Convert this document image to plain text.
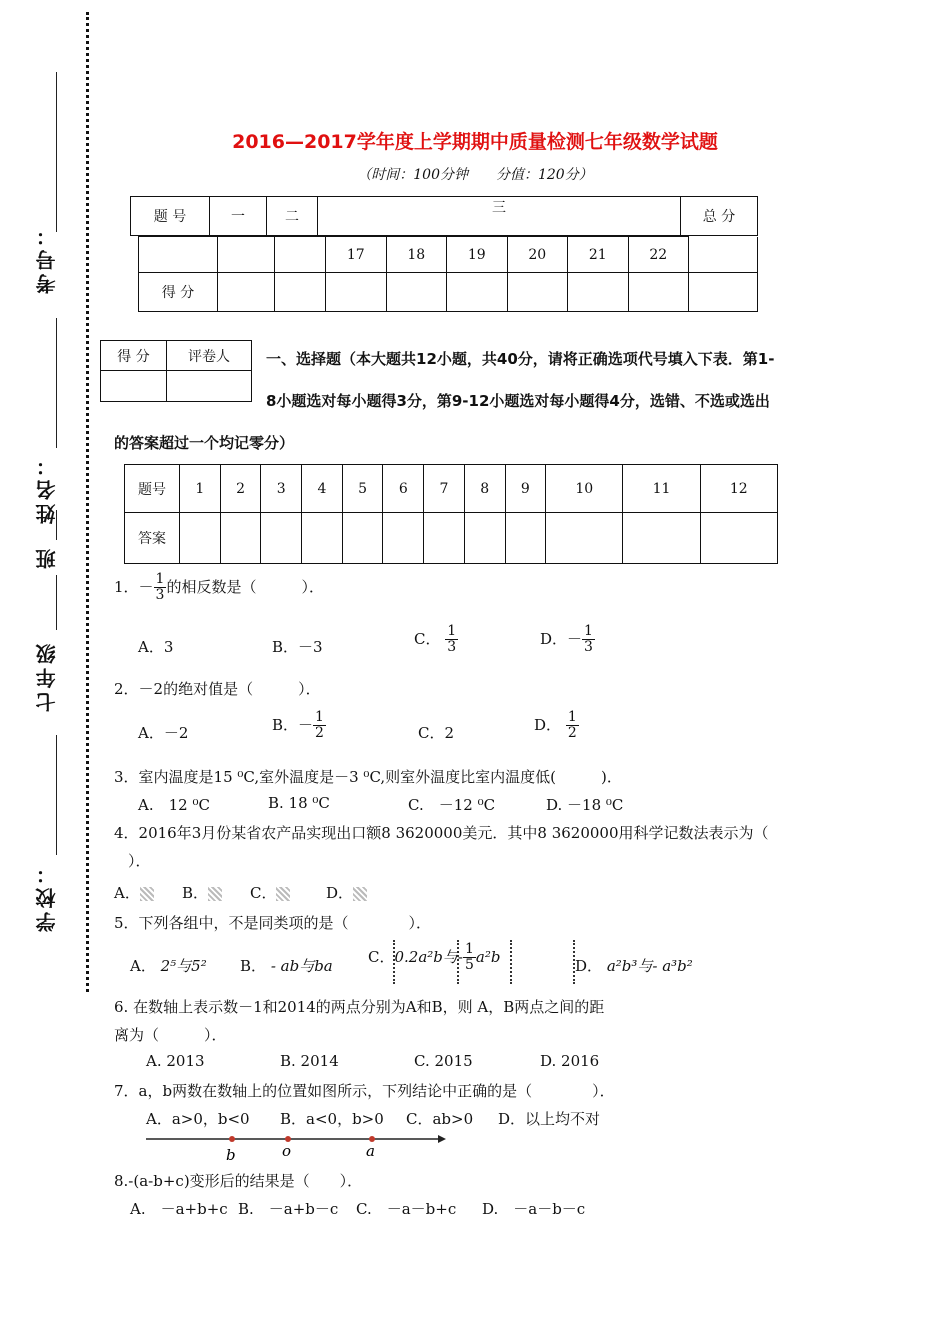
考号：
姓名：
班
七年级
学校：
2016—2017学年度上学期期中质量检测七年级数学试题
（时间：100分钟　　分值：120分）
题 号	一	二	三	总 分
			17	18	19	20	21	22	
得 分									
得 分	评卷人
	一、选择题（本大题共12小题，共40分，请将正确选项代号填入下表．第1-
8小题选对每小题得3分，第9-12小题选对每小题得4分，选错、不选或选出
的答案超过一个均记零分）
题号	1	2	3	4	5	6	7	8	9	10	11	12
答案												
1．－ $\frac{1}{3}$ 的相反数是（　　　）．
A．3	B．－3	C． $\frac{1}{3}$	D．－ $\frac{1}{3}$
2．－2的绝对值是（　　　）．
A．－2	B．－ $\frac{1}{2}$	C．2	D． $\frac{1}{2}$
3．室内温度是15 ⁰C,室外温度是－3 ⁰C,则室外温度比室内温度低(　　　)．
A.　12 ⁰C	B. 18 ⁰C	C.　－12 ⁰C	D. －18 ⁰C
4．2016年3月份某省农产品实现出口额8 3620000美元．其中8 3620000用科学记数法表示为（
）．
A．	B．	C．	D．
5．下列各组中，不是同类项的是（　　　　）．
A． 2⁵与5² B． - ab与ba
C．0.2a²b与- $\frac{1}{5} a^2b$
D． a²b³与- a³b²
6. 在数轴上表示数－1和2014的两点分别为A和B，则 A，B两点之间的距
离为（　　　）．
A. 2013	B. 2014	C. 2015	D. 2016
7．a，b两数在数轴上的位置如图所示，下列结论中正确的是（　　　　）．
A．a>0，b<0 B．a<0，b>0 C．ab>0 D．以上均不对
b	o	a
8.-(a-b+c)变形后的结果是（　　）．
A.　－a+b+c B.　－a+b－c C.　－a－b+c D.　－a－b－c
